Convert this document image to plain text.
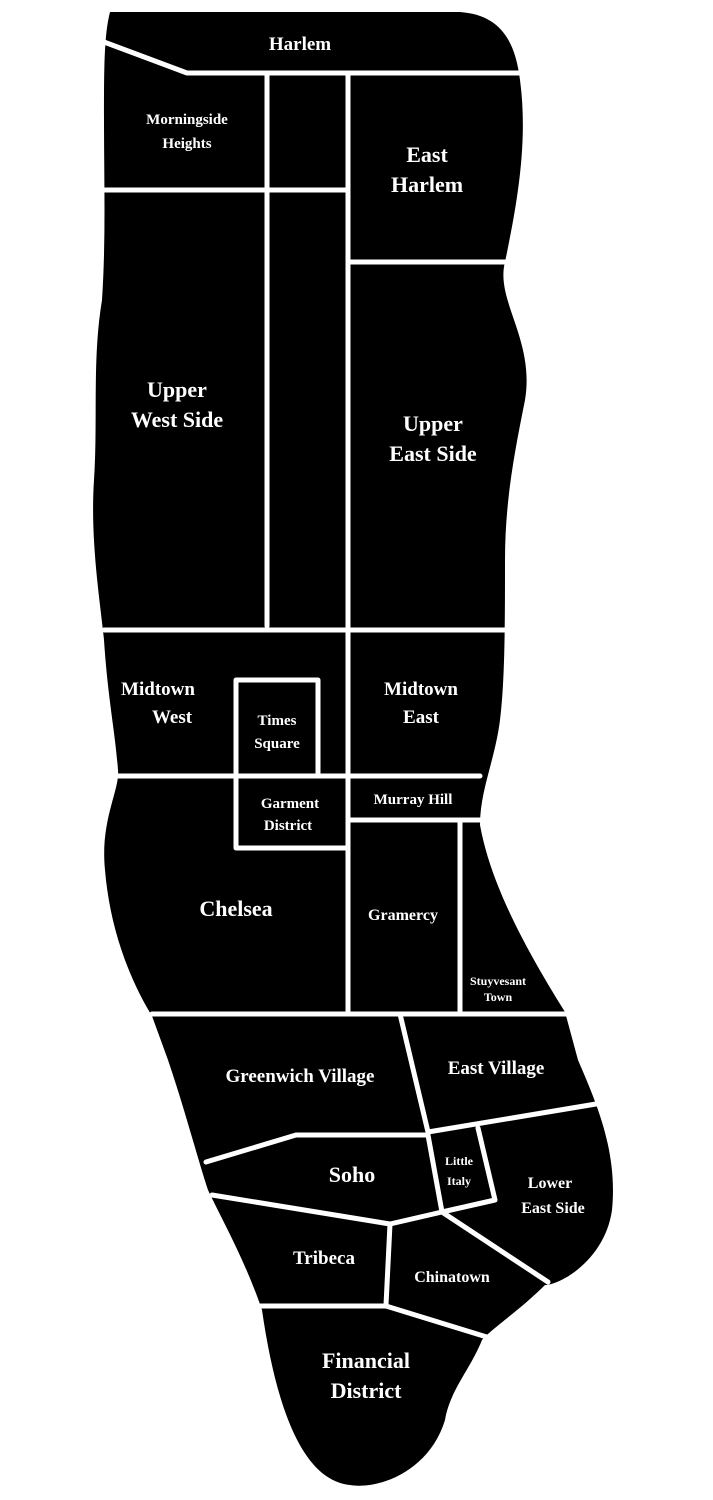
Harlem
Morningside
Heights	East
Harlem
Upper
West Side	Upper
East Side
Midtown
West	Times
Square
Midtown
East
Garment
District
Murray Hill
Chelsea	Gramercy
Stuyvesant
Town
Greenwich Village	East Village
Soho
Little
Italy	Lower
East Side
Tribeca
Chinatown
Financial
District
